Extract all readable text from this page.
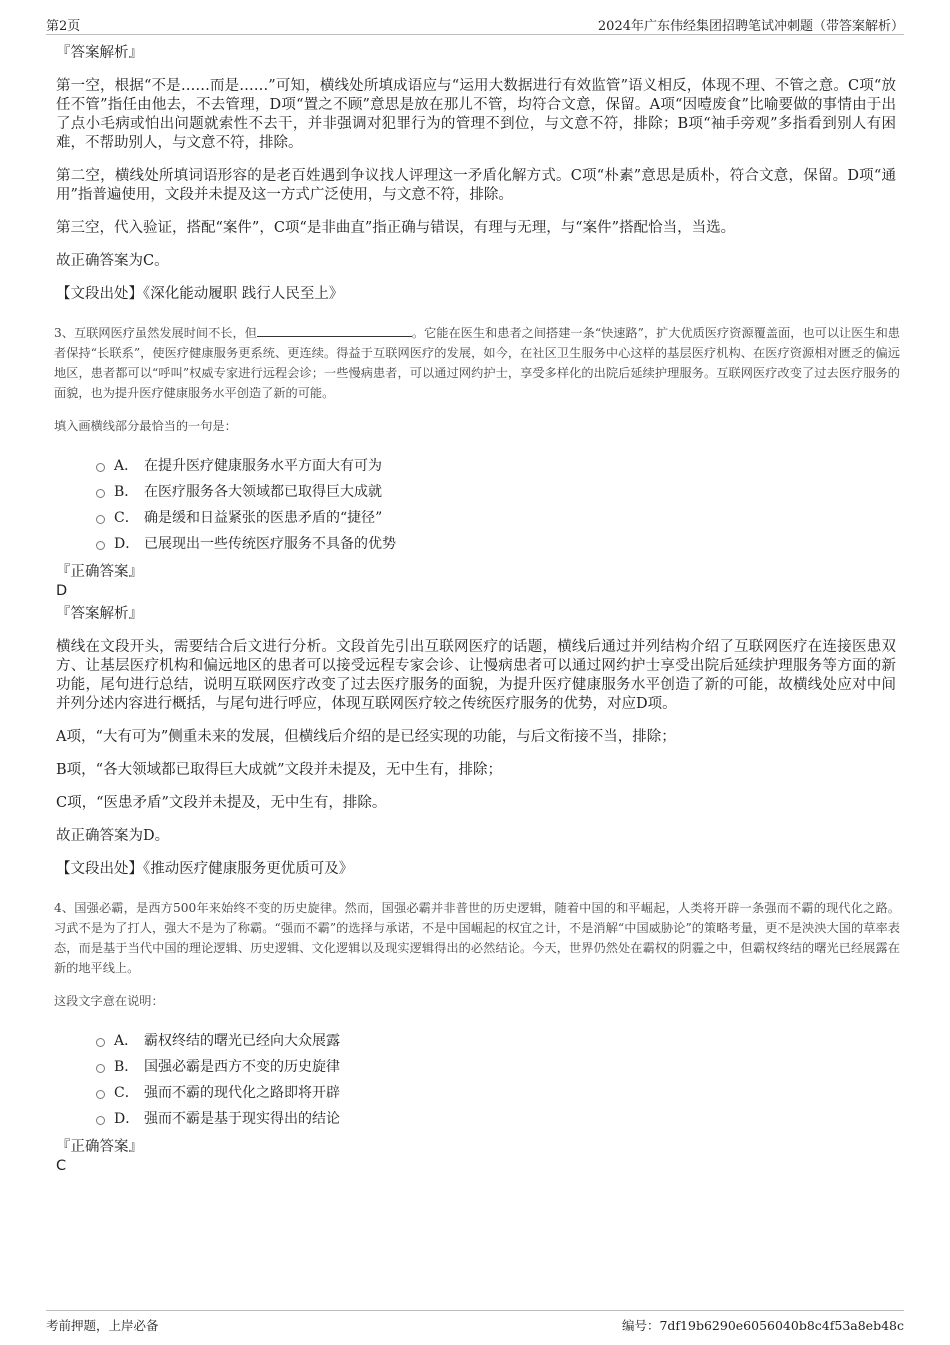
第2页	2024年广东伟经集团招聘笔试冲刺题（带答案解析）
『答案解析』

第一空，根据“不是……而是……”可知，横线处所填成语应与“运用大数据进行有效监管”语义相反，体现不理、不管之意。C项“放任不管”指任由他去，不去管理，D项“置之不顾”意思是放在那儿不管，均符合文意，保留。A项“因噎废食”比喻要做的事情由于出了点小毛病或怕出问题就索性不去干，并非强调对犯罪行为的管理不到位，与文意不符，排除；B项“袖手旁观”多指看到别人有困难，不帮助别人，与文意不符，排除。

第二空，横线处所填词语形容的是老百姓遇到争议找人评理这一矛盾化解方式。C项“朴素”意思是质朴，符合文意，保留。D项“通用”指普遍使用，文段并未提及这一方式广泛使用，与文意不符，排除。

第三空，代入验证，搭配“案件”，C项“是非曲直”指正确与错误，有理与无理，与“案件”搭配恰当，当选。

故正确答案为C。

【文段出处】《深化能动履职 践行人民至上》

3、互联网医疗虽然发展时间不长，但	。它能在医生和患者之间搭建一条“快速路”，扩大优质医疗资源覆盖面，也可以让医生和患者保持“长联系”，使医疗健康服务更系统、更连续。得益于互联网医疗的发展，如今，在社区卫生服务中心这样的基层医疗机构、在医疗资源相对匮乏的偏远地区，患者都可以“呼叫”权威专家进行远程会诊；一些慢病患者，可以通过网约护士，享受多样化的出院后延续护理服务。互联网医疗改变了过去医疗服务的面貌，也为提升医疗健康服务水平创造了新的可能。

填入画横线部分最恰当的一句是：
A． 在提升医疗健康服务水平方面大有可为
B． 在医疗服务各大领域都已取得巨大成就
C． 确是缓和日益紧张的医患矛盾的“捷径”
D． 已展现出一些传统医疗服务不具备的优势
『正确答案』
D
『答案解析』

横线在文段开头，需要结合后文进行分析。文段首先引出互联网医疗的话题，横线后通过并列结构介绍了互联网医疗在连接医患双方、让基层医疗机构和偏远地区的患者可以接受远程专家会诊、让慢病患者可以通过网约护士享受出院后延续护理服务等方面的新功能，尾句进行总结，说明互联网医疗改变了过去医疗服务的面貌，为提升医疗健康服务水平创造了新的可能，故横线处应对中间并列分述内容进行概括，与尾句进行呼应，体现互联网医疗较之传统医疗服务的优势，对应D项。

A项，“大有可为”侧重未来的发展，但横线后介绍的是已经实现的功能，与后文衔接不当，排除；

B项，“各大领域都已取得巨大成就”文段并未提及，无中生有，排除；

C项，“医患矛盾”文段并未提及，无中生有，排除。

故正确答案为D。

【文段出处】《推动医疗健康服务更优质可及》

4、国强必霸，是西方500年来始终不变的历史旋律。然而，国强必霸并非普世的历史逻辑，随着中国的和平崛起，人类将开辟一条强而不霸的现代化之路。习武不是为了打人，强大不是为了称霸。“强而不霸”的选择与承诺，不是中国崛起的权宜之计，不是消解“中国威胁论”的策略考量，更不是泱泱大国的草率表态，而是基于当代中国的理论逻辑、历史逻辑、文化逻辑以及现实逻辑得出的必然结论。今天，世界仍然处在霸权的阴霾之中，但霸权终结的曙光已经展露在新的地平线上。

这段文字意在说明：
A． 霸权终结的曙光已经向大众展露
B． 国强必霸是西方不变的历史旋律
C． 强而不霸的现代化之路即将开辟
D． 强而不霸是基于现实得出的结论
『正确答案』
C
考前押题，上岸必备	编号：7df19b6290e6056040b8c4f53a8eb48c
